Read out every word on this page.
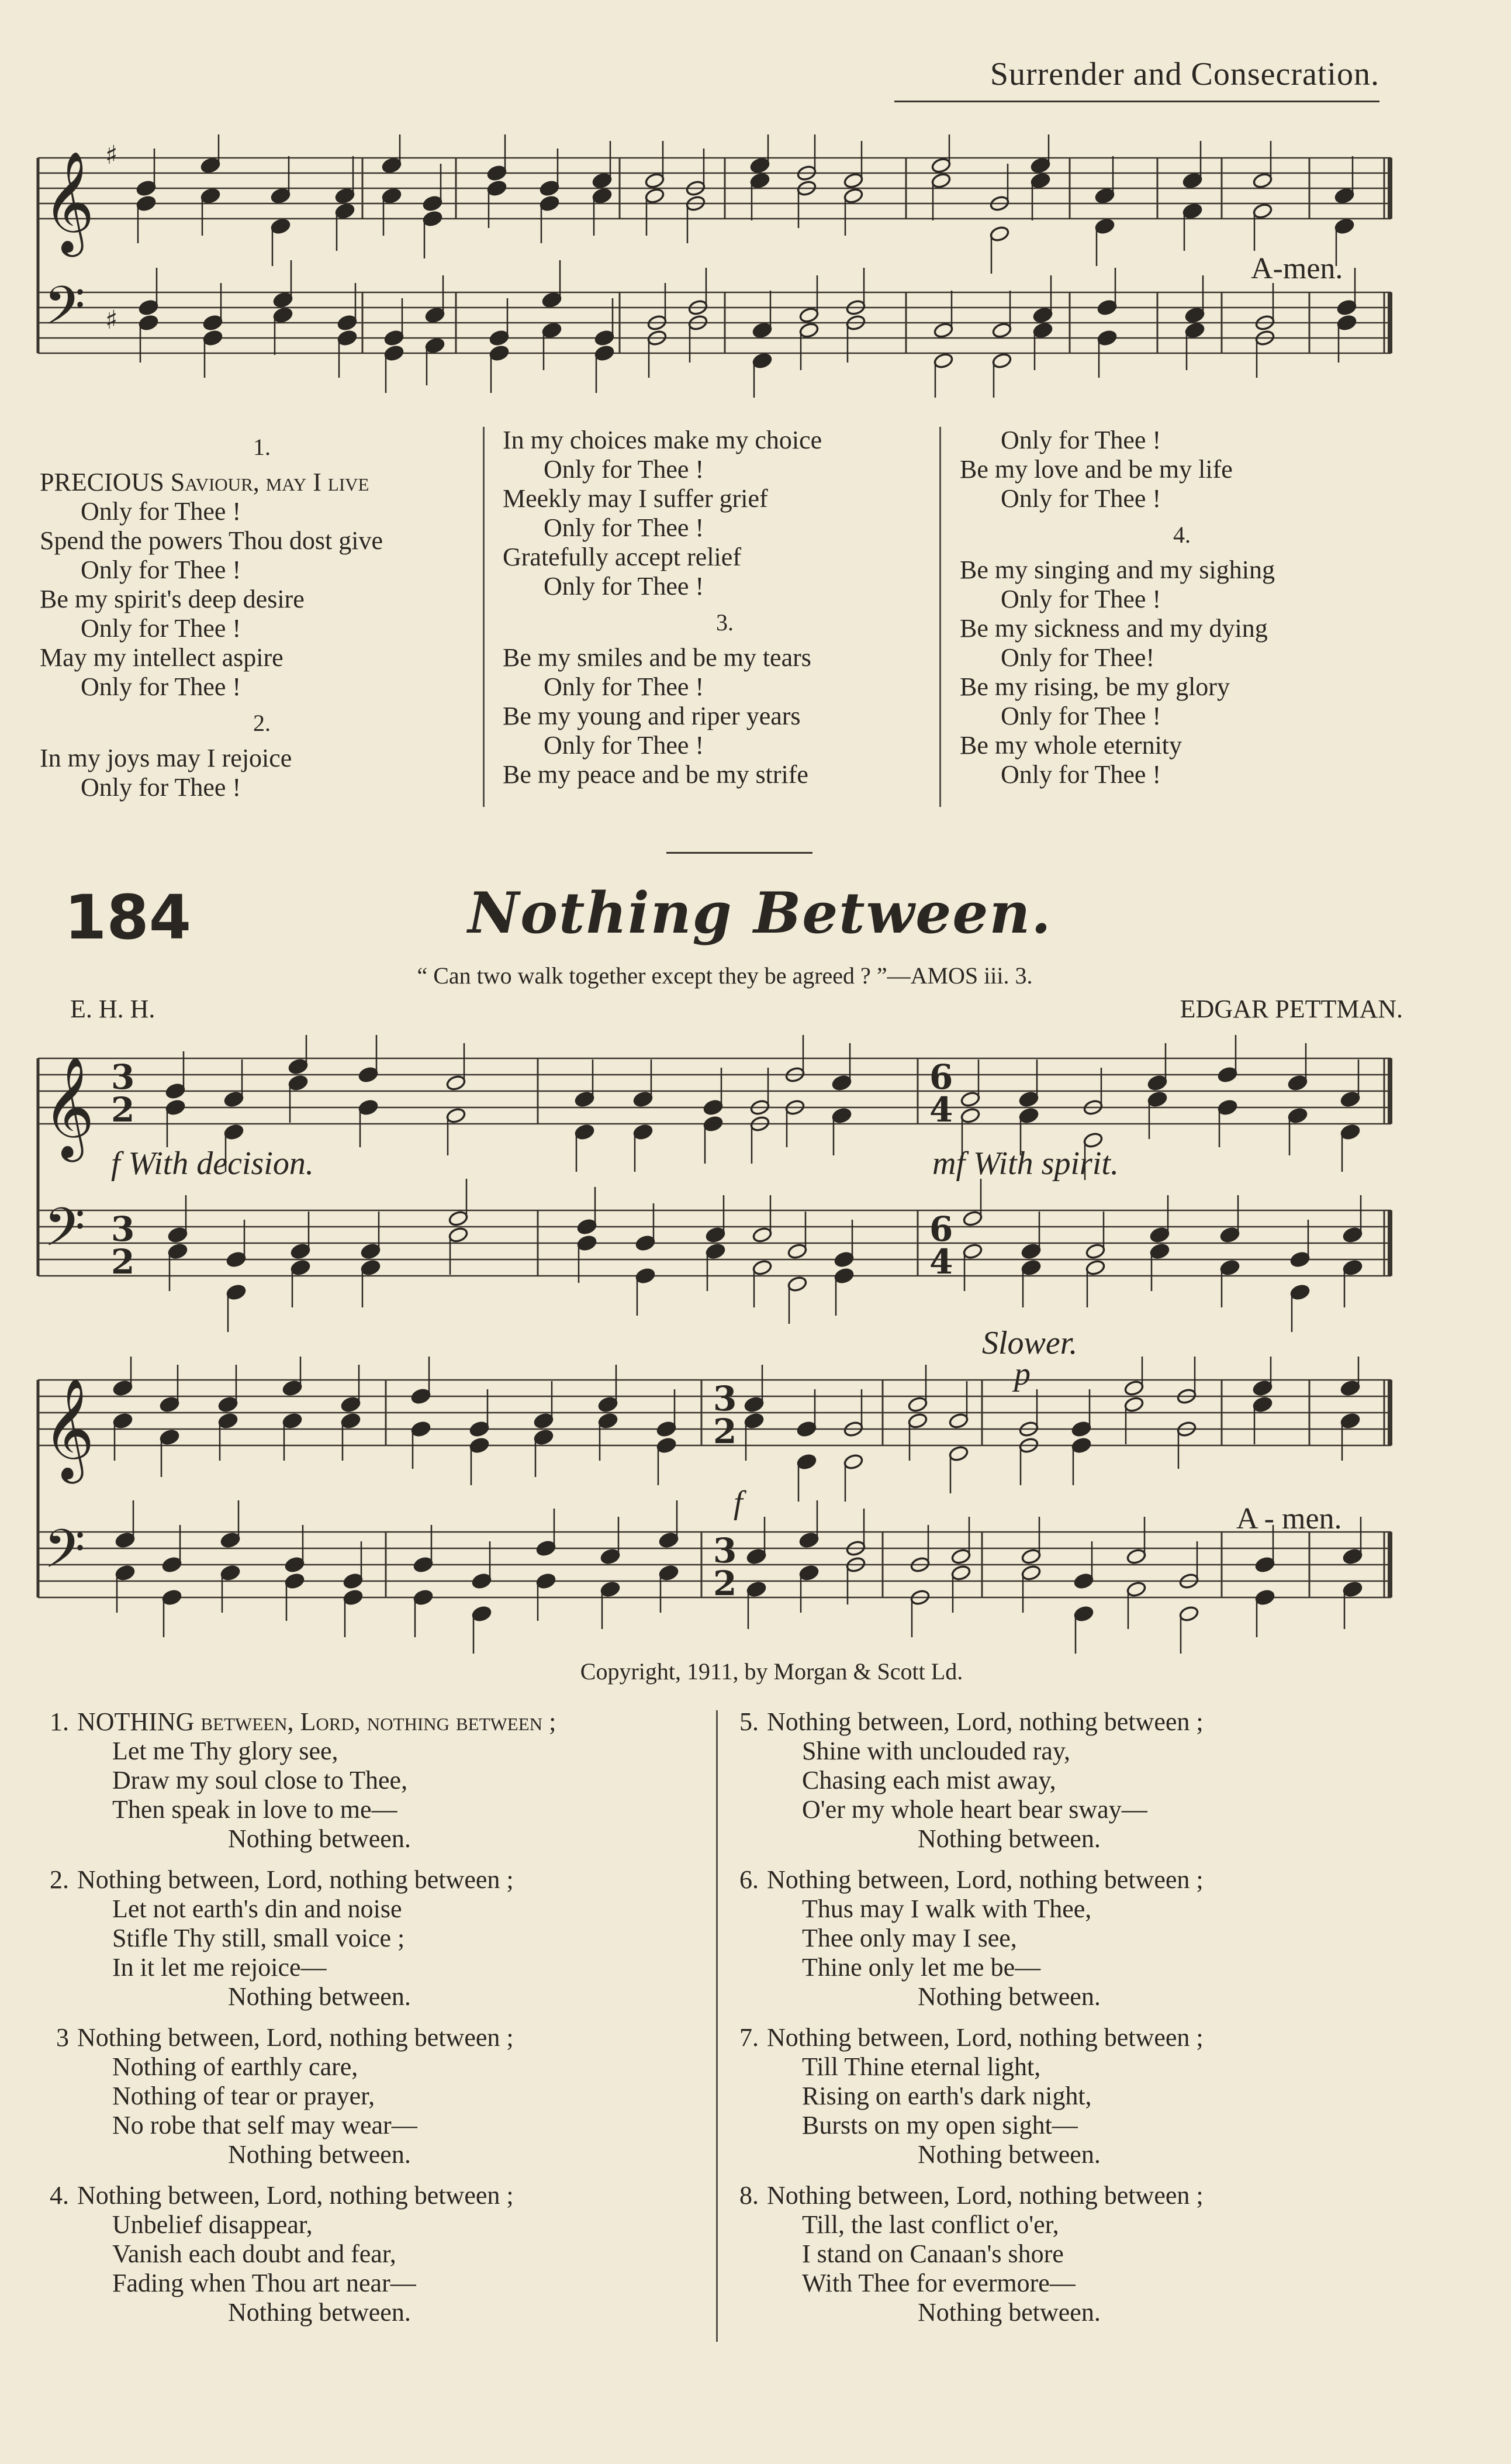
Surrender and Consecration.
𝄞
𝄢
♯
♯
A-men.
1.
PRECIOUS Saviour, may I live
Only for Thee !
Spend the powers Thou dost give
Only for Thee !
Be my spirit's deep desire
Only for Thee !
May my intellect aspire
Only for Thee !
2.
In my joys may I rejoice
Only for Thee !
In my choices make my choice
Only for Thee !
Meekly may I suffer grief
Only for Thee !
Gratefully accept relief
Only for Thee !
3.
Be my smiles and be my tears
Only for Thee !
Be my young and riper years
Only for Thee !
Be my peace and be my strife
Only for Thee !
Be my love and be my life
Only for Thee !
4.
Be my singing and my sighing
Only for Thee !
Be my sickness and my dying
Only for Thee!
Be my rising, be my glory
Only for Thee !
Be my whole eternity
Only for Thee !
184	Nothing Between.
“ Can two walk together except they be agreed ? ”—AMOS iii. 3.
E. H. H.	EDGAR PETTMAN.
𝄞
𝄢
3
2
3
2
6
4
6
4
f With decision.	mf With spirit.
𝄞
𝄢
3
2
3
2
Slower.
p
f	A - men.
Copyright, 1911, by Morgan & Scott Ld.
1. NOTHING between, Lord, nothing between ;
Let me Thy glory see,
Draw my soul close to Thee,
Then speak in love to me—
Nothing between.
2. Nothing between, Lord, nothing between ;
Let not earth's din and noise
Stifle Thy still, small voice ;
In it let me rejoice—
Nothing between.
3 Nothing between, Lord, nothing between ;
Nothing of earthly care,
Nothing of tear or prayer,
No robe that self may wear—
Nothing between.
4. Nothing between, Lord, nothing between ;
Unbelief disappear,
Vanish each doubt and fear,
Fading when Thou art near—
Nothing between.
5. Nothing between, Lord, nothing between ;
Shine with unclouded ray,
Chasing each mist away,
O'er my whole heart bear sway—
Nothing between.
6. Nothing between, Lord, nothing between ;
Thus may I walk with Thee,
Thee only may I see,
Thine only let me be—
Nothing between.
7. Nothing between, Lord, nothing between ;
Till Thine eternal light,
Rising on earth's dark night,
Bursts on my open sight—
Nothing between.
8. Nothing between, Lord, nothing between ;
Till, the last conflict o'er,
I stand on Canaan's shore
With Thee for evermore—
Nothing between.
